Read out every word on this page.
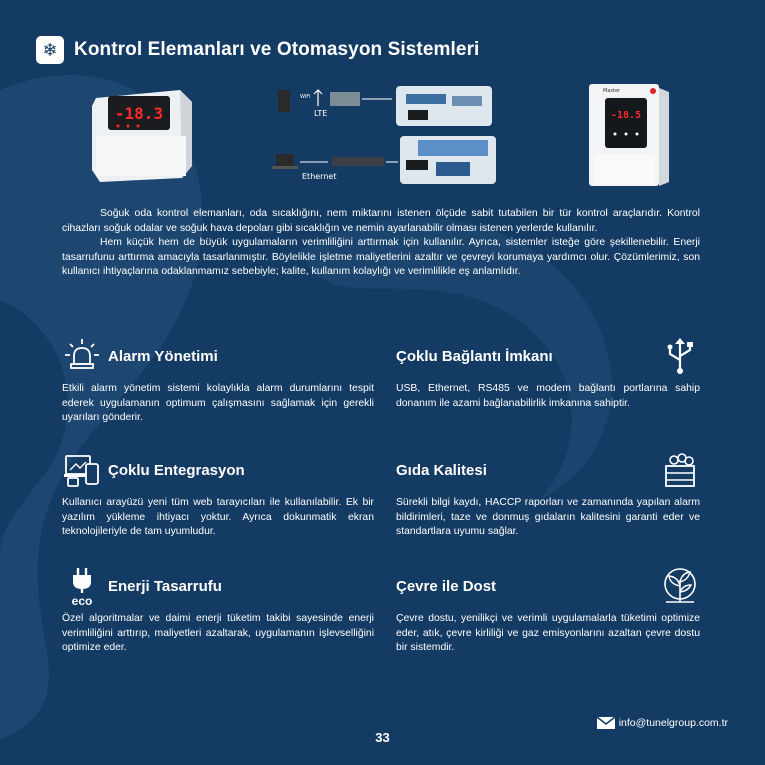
❄ Kontrol Elemanları ve Otomasyon Sistemleri
-18.3
WiFi
LTE
Ethernet
Master
-18.5

Soğuk oda kontrol elemanları, oda sıcaklığını, nem miktarını istenen ölçüde sabit tutabilen bir tür kontrol araçlarıdır. Kontrol cihazları soğuk odalar ve soğuk hava depoları gibi sıcaklığın ve nemin ayarlanabilir olması istenen yerlerde kullanılır.

Hem küçük hem de büyük uygulamaların verimliliğini arttırmak için kullanılır. Ayrıca, sistemler isteğe göre şekillenebilir. Enerji tasarrufunu arttırma amacıyla tasarlanmıştır. Böylelikle işletme maliyetlerini azaltır ve çevreyi korumaya yardımcı olur. Çözümlerimiz, son kullanıcı ihtiyaçlarına odaklanmamız sebebiyle; kalite, kullanım kolaylığı ve verimlilikle eş anlamlıdır.

Alarm Yönetimi
Etkili alarm yönetim sistemi kolaylıkla alarm durumlarını tespit ederek uygulamanın optimum çalışmasını sağlamak için gerekli uyarıları gönderir.
Çoklu Bağlantı İmkanı
USB, Ethernet, RS485 ve modem bağlantı portlarına sahip donanım ile azami bağlanabilirlik imkanına sahiptir.
Çoklu Entegrasyon
Kullanıcı arayüzü yeni tüm web tarayıcıları ile kullanılabilir. Ek bir yazılım yükleme ihtiyacı yoktur. Ayrıca dokunmatik ekran teknolojileriyle de tam uyumludur.
Gıda Kalitesi
Sürekli bilgi kaydı, HACCP raporları ve zamanında yapılan alarm bildirimleri, taze ve donmuş gıdaların kalitesini garanti eder ve standartlara uyumu sağlar.
eco
Enerji Tasarrufu
Özel algoritmalar ve daimi enerji tüketim takibi sayesinde enerji verimliliğini arttırıp, maliyetleri azaltarak, uygulamanın işlevselliğini optimize eder.
Çevre ile Dost
Çevre dostu, yenilikçi ve verimli uygulamalarla tüketimi optimize eder, atık, çevre kirliliği ve gaz emisyonlarını azaltan çevre dostu bir sistemdir.
info@tunelgroup.com.tr
33
